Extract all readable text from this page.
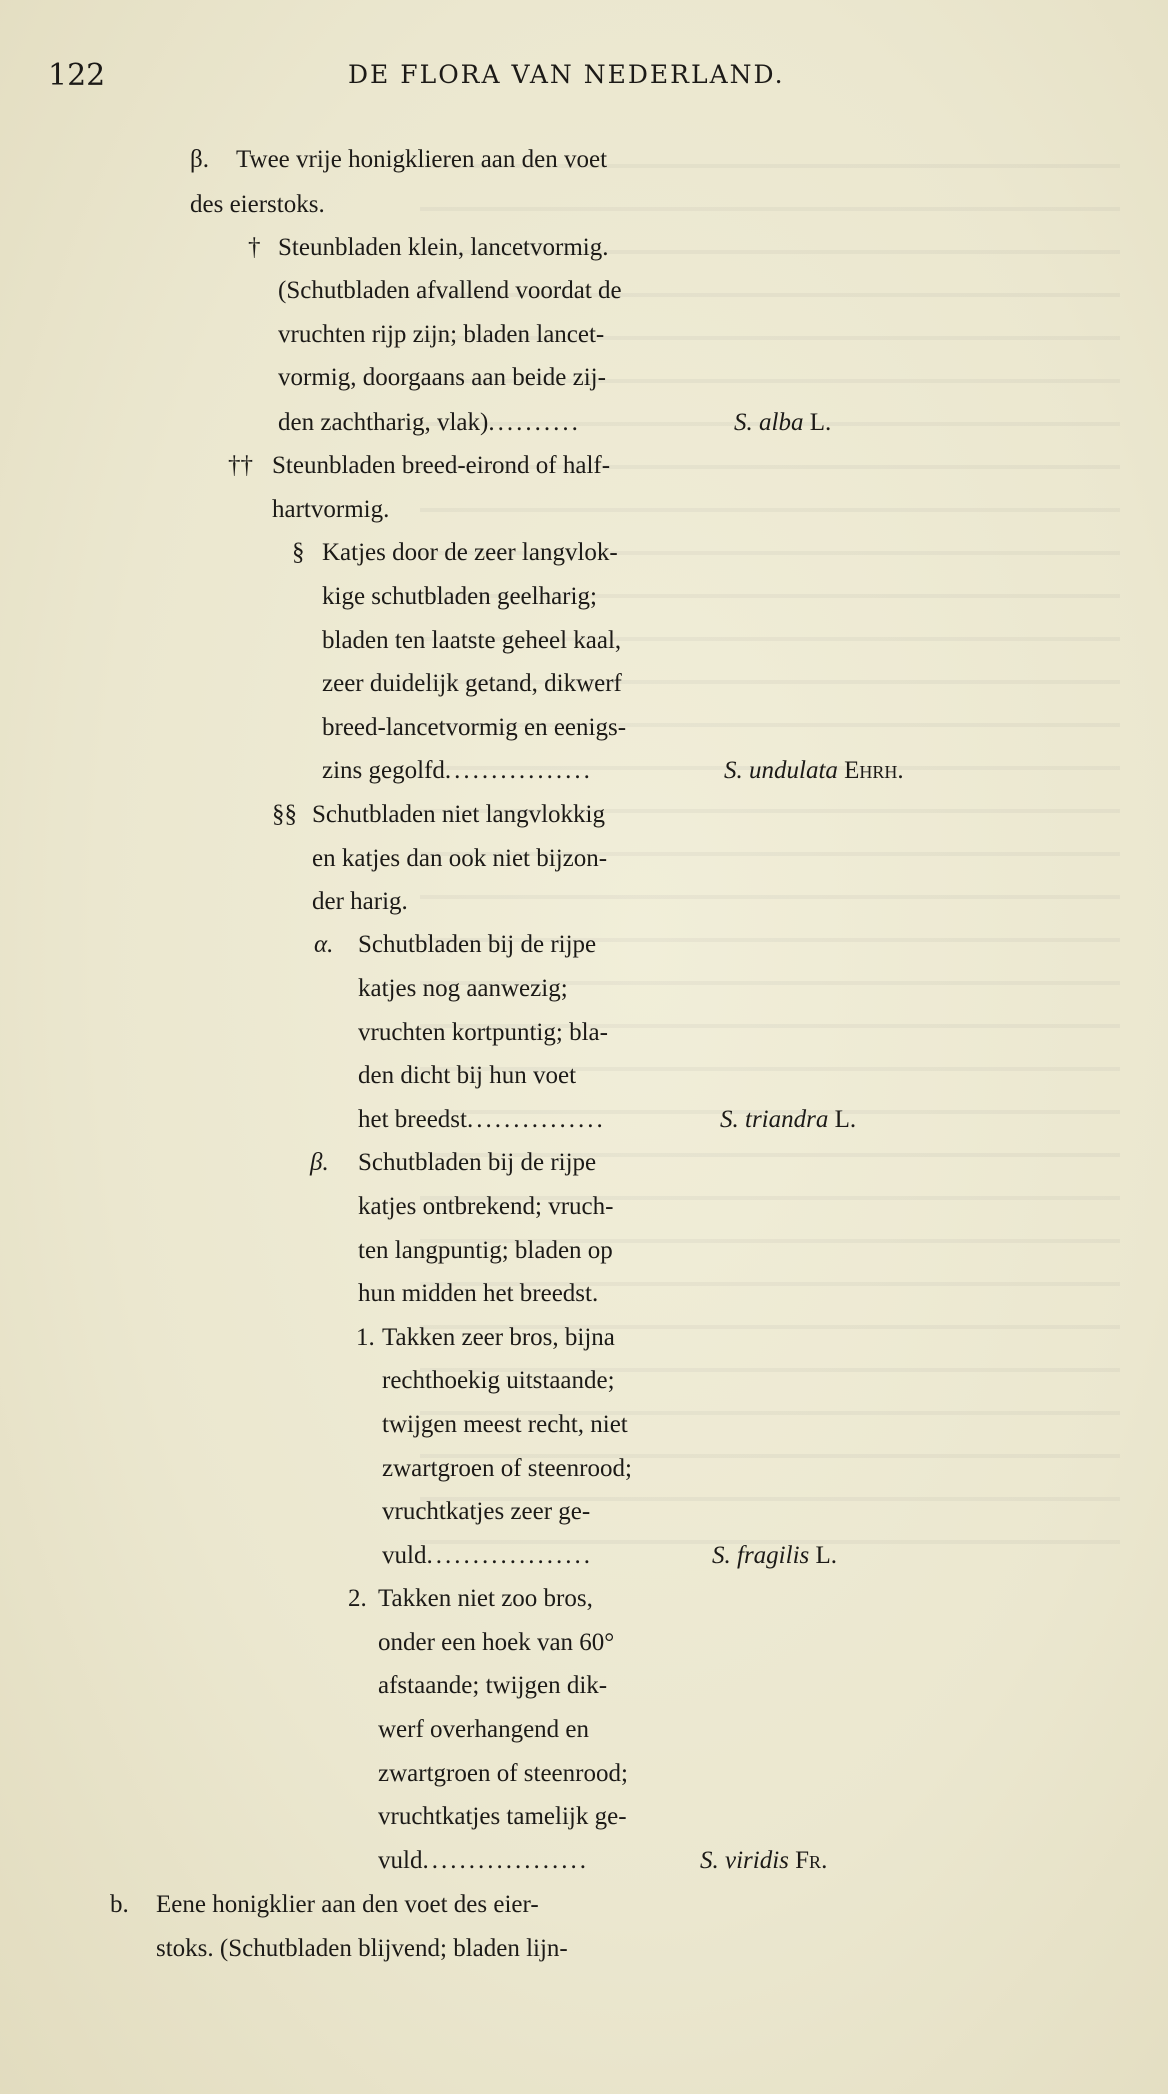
122	DE FLORA VAN NEDERLAND.
β. Twee vrije honigklieren aan den voet
des eierstoks.
† Steunbladen klein, lancetvormig.
(Schutbladen afvallend voordat de
vruchten rijp zijn; bladen lancet-
vormig, doorgaans aan beide zij-
den zachtharig, vlak)..........	S. alba L.
†† Steunbladen breed-eirond of half-
hartvormig.
§ Katjes door de zeer langvlok-
kige schutbladen geelharig;
bladen ten laatste geheel kaal,
zeer duidelijk getand, dikwerf
breed-lancetvormig en eenigs-
zins gegolfd................	S. undulata Ehrh.
§§ Schutbladen niet langvlokkig
en katjes dan ook niet bijzon-
der harig.
α. Schutbladen bij de rijpe
katjes nog aanwezig;
vruchten kortpuntig; bla-
den dicht bij hun voet
het breedst...............	S. triandra L.
β. Schutbladen bij de rijpe
katjes ontbrekend; vruch-
ten langpuntig; bladen op
hun midden het breedst.
1. Takken zeer bros, bijna
rechthoekig uitstaande;
twijgen meest recht, niet
zwartgroen of steenrood;
vruchtkatjes zeer ge-
vuld..................	S. fragilis L.
2. Takken niet zoo bros,
onder een hoek van 60°
afstaande; twijgen dik-
werf overhangend en
zwartgroen of steenrood;
vruchtkatjes tamelijk ge-
vuld..................	S. viridis Fr.
b. Eene honigklier aan den voet des eier-
stoks. (Schutbladen blijvend; bladen lijn-
